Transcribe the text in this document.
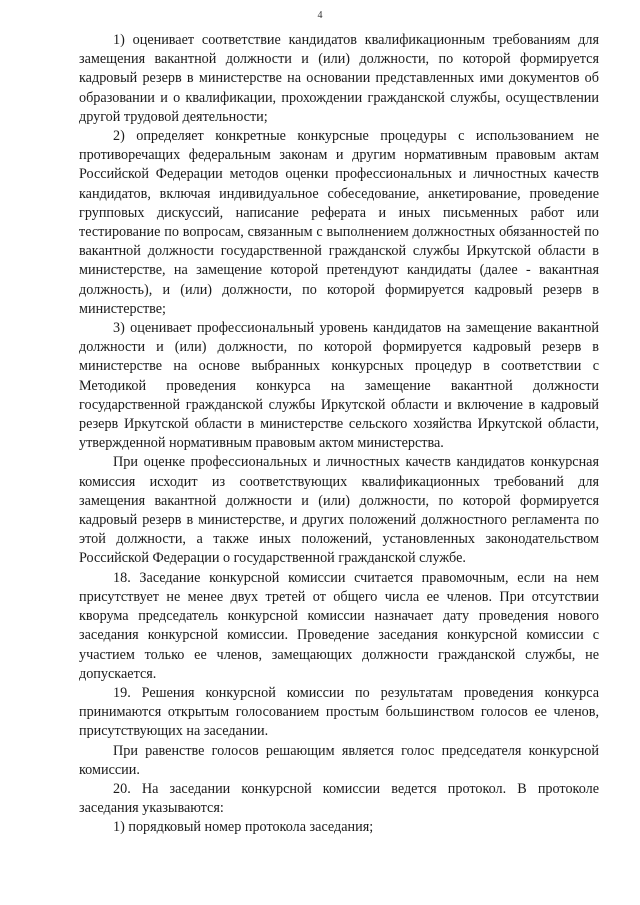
4

1) оценивает соответствие кандидатов квалификационным требованиям для замещения вакантной должности и (или) должности, по которой формируется кадровый резерв в министерстве на основании представленных ими документов об образовании и о квалификации, прохождении гражданской службы, осуществлении другой трудовой деятельности;

2) определяет конкретные конкурсные процедуры с использованием не противоречащих федеральным законам и другим нормативным правовым актам Российской Федерации методов оценки профессиональных и личностных качеств кандидатов, включая индивидуальное собеседование, анкетирование, проведение групповых дискуссий, написание реферата и иных письменных работ или тестирование по вопросам, связанным с выполнением должностных обязанностей по вакантной должности государственной гражданской службы Иркутской области в министерстве, на замещение которой претендуют кандидаты (далее - вакантная должность), и (или) должности, по которой формируется кадровый резерв в министерстве;

3) оценивает профессиональный уровень кандидатов на замещение вакантной должности и (или) должности, по которой формируется кадровый резерв в министерстве на основе выбранных конкурсных процедур в соответствии с Методикой проведения конкурса на замещение вакантной должности государственной гражданской службы Иркутской области и включение в кадровый резерв Иркутской области в министерстве сельского хозяйства Иркутской области, утвержденной нормативным правовым актом министерства.

При оценке профессиональных и личностных качеств кандидатов конкурсная комиссия исходит из соответствующих квалификационных требований для замещения вакантной должности и (или) должности, по которой формируется кадровый резерв в министерстве, и других положений должностного регламента по этой должности, а также иных положений, установленных законодательством Российской Федерации о государственной гражданской службе.

18. Заседание конкурсной комиссии считается правомочным, если на нем присутствует не менее двух третей от общего числа ее членов. При отсутствии кворума председатель конкурсной комиссии назначает дату проведения нового заседания конкурсной комиссии. Проведение заседания конкурсной комиссии с участием только ее членов, замещающих должности гражданской службы, не допускается.

19. Решения конкурсной комиссии по результатам проведения конкурса принимаются открытым голосованием простым большинством голосов ее членов, присутствующих на заседании.

При равенстве голосов решающим является голос председателя конкурсной комиссии.

20. На заседании конкурсной комиссии ведется протокол. В протоколе заседания указываются:

1) порядковый номер протокола заседания;
